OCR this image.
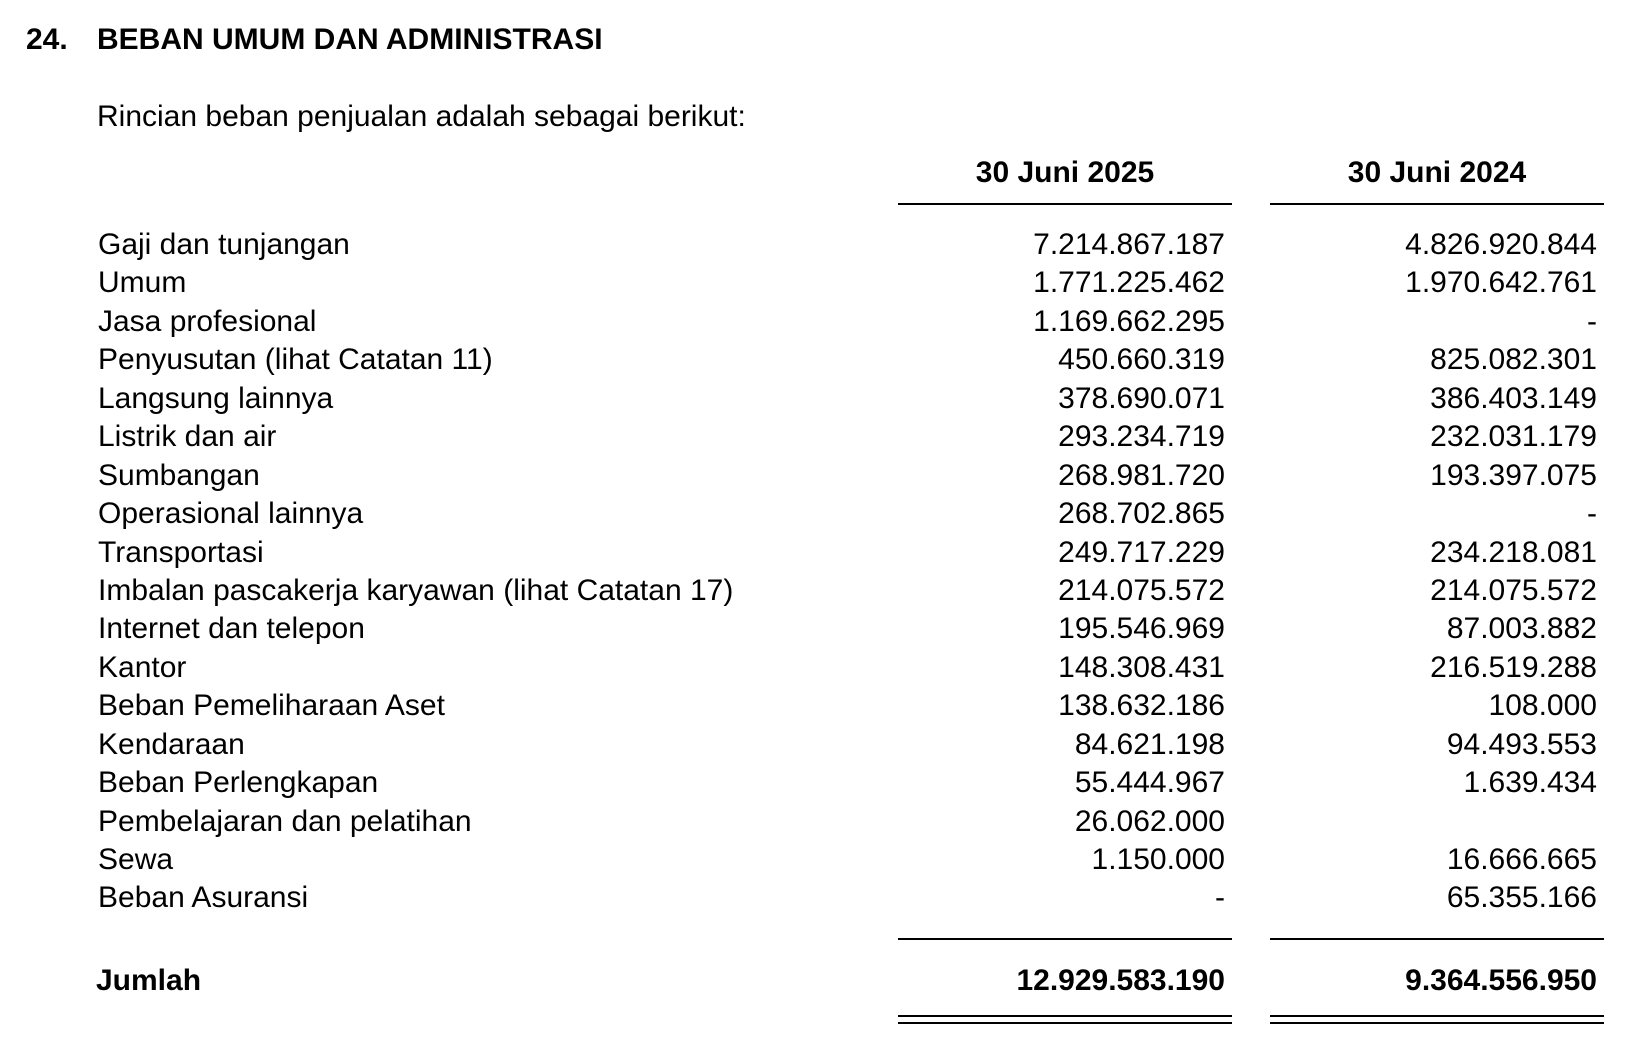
24. BEBAN UMUM DAN ADMINISTRASI
Rincian beban penjualan adalah sebagai berikut:
30 Juni 2025	30 Juni 2024
Gaji dan tunjangan	7.214.867.187	4.826.920.844
Umum	1.771.225.462	1.970.642.761
Jasa profesional	1.169.662.295	-
Penyusutan (lihat Catatan 11)	450.660.319	825.082.301
Langsung lainnya	378.690.071	386.403.149
Listrik dan air	293.234.719	232.031.179
Sumbangan	268.981.720	193.397.075
Operasional lainnya	268.702.865	-
Transportasi	249.717.229	234.218.081
Imbalan pascakerja karyawan (lihat Catatan 17)	214.075.572	214.075.572
Internet dan telepon	195.546.969	87.003.882
Kantor	148.308.431	216.519.288
Beban Pemeliharaan Aset	138.632.186	108.000
Kendaraan	84.621.198	94.493.553
Beban Perlengkapan	55.444.967	1.639.434
Pembelajaran dan pelatihan	26.062.000
Sewa	1.150.000	16.666.665
Beban Asuransi	-	65.355.166
Jumlah	12.929.583.190	9.364.556.950
